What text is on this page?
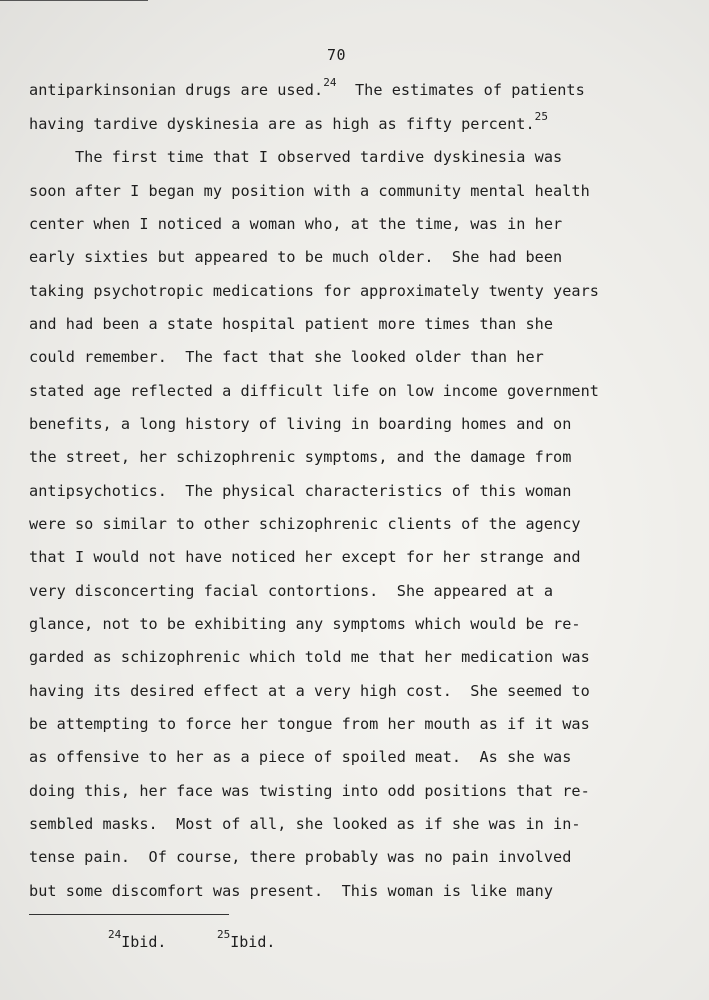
70
antiparkinsonian drugs are used.$^{24}$  The estimates of patients
having tardive dyskinesia are as high as fifty percent.$^{25}$
The first time that I observed tardive dyskinesia was
soon after I began my position with a community mental health
center when I noticed a woman who, at the time, was in her
early sixties but appeared to be much older.  She had been
taking psychotropic medications for approximately twenty years
and had been a state hospital patient more times than she
could remember.  The fact that she looked older than her
stated age reflected a difficult life on low income government
benefits, a long history of living in boarding homes and on
the street, her schizophrenic symptoms, and the damage from
antipsychotics.  The physical characteristics of this woman
were so similar to other schizophrenic clients of the agency
that I would not have noticed her except for her strange and
very disconcerting facial contortions.  She appeared at a
glance, not to be exhibiting any symptoms which would be re-
garded as schizophrenic which told me that her medication was
having its desired effect at a very high cost.  She seemed to
be attempting to force her tongue from her mouth as if it was
as offensive to her as a piece of spoiled meat.  As she was
doing this, her face was twisting into odd positions that re-
sembled masks.  Most of all, she looked as if she was in in-
tense pain.  Of course, there probably was no pain involved
but some discomfort was present.  This woman is like many
$^{24}$Ibid.	$^{25}$Ibid.
